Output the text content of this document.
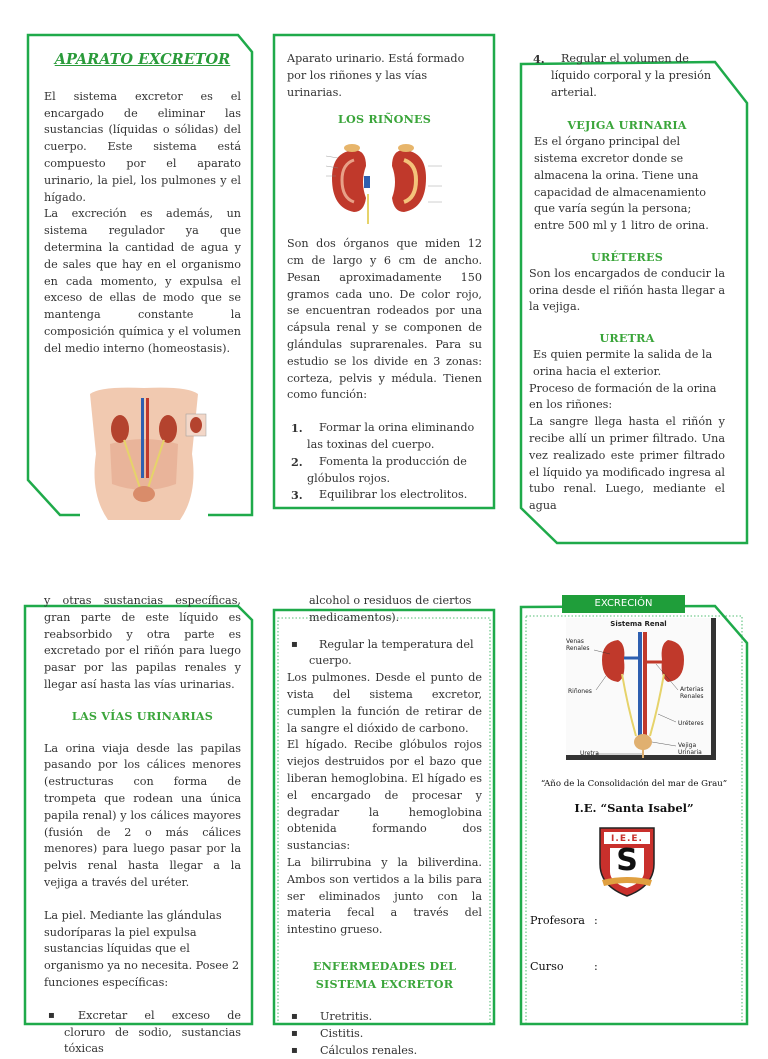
APARATO EXCRETOR

El sistema excretor es el encargado de eliminar las sustancias (líquidas o sólidas) del cuerpo. Este sistema está compuesto por el aparato urinario, la piel, los pulmones y el hígado.

La excreción es además, un sistema regulador ya que determina la cantidad de agua y de sales que hay en el organismo en cada momento, y expulsa el exceso de ellas de modo que se mantenga constante la composición química y el volumen del medio interno (homeostasis).

Aparato urinario. Está formado por los riñones y las vías urinarias.

LOS RIÑONES

Son dos órganos que miden 12 cm de largo y 6 cm de ancho. Pesan aproximadamente 150 gramos cada uno. De color rojo, se encuentran rodeados por una cápsula renal y se componen de glándulas suprarenales. Para su estudio se los divide en 3 zonas: corteza, pelvis y médula. Tienen como función:

1. Formar la orina eliminando las toxinas del cuerpo.
2. Fomenta la producción de glóbulos rojos.
3. Equilibrar los electrolitos.
4. Regular el volumen de líquido corporal y la presión arterial.
VEJIGA URINARIA

Es el órgano principal del sistema excretor donde se almacena la orina. Tiene una capacidad de almacenamiento que varía según la persona; entre 500 ml y 1 litro de orina.

URÉTERES

Son los encargados de conducir la orina desde el riñón hasta llegar a la vejiga.

URETRA

Es quien permite la salida de la orina hacia el exterior.

Proceso de formación de la orina en los riñones:

La sangre llega hasta el riñón y recibe allí un primer filtrado. Una vez realizado este primer filtrado el líquido ya modificado ingresa al tubo renal. Luego, mediante el agua

y otras sustancias específicas, gran parte de este líquido es reabsorbido y otra parte es excretado por el riñón para luego pasar por las papilas renales y llegar así hasta las vías urinarias.

LAS VÍAS URINARIAS

La orina viaja desde las papilas pasando por los cálices menores (estructuras con forma de trompeta que rodean una única papila renal) y los cálices mayores (fusión de 2 o más cálices menores) para luego pasar por la pelvis renal hasta llegar a la vejiga a través del uréter.

La piel. Mediante las glándulas sudoríparas la piel expulsa sustancias líquidas que el organismo ya no necesita. Posee 2 funciones específicas:

▪ Excretar el exceso de cloruro de sodio, sustancias tóxicas

alcohol o residuos de ciertos medicamentos).

▪ Regular la temperatura del cuerpo.

Los pulmones. Desde el punto de vista del sistema excretor, cumplen la función de retirar de la sangre el dióxido de carbono.

El hígado. Recibe glóbulos rojos viejos destruidos por el bazo que liberan hemoglobina. El hígado es el encargado de procesar y degradar la hemoglobina obtenida formando dos sustancias:

La bilirrubina y la biliverdina. Ambos son vertidos a la bilis para ser eliminados junto con la materia fecal a través del intestino grueso.

ENFERMEDADES DEL
SISTEMA EXCRETOR
▪ Uretritis.
▪ Cistitis.
▪ Cálculos renales.
EXCRECIÓN
Sistema Renal
Venas Renales
Riñones	Arterias Renales
Uréteres
Uretra
Vejiga Urinaria
“Año de la Consolidación del mar de Grau”
I.E. “Santa Isabel”
I.E.E.
S
Profesora :
Curso	:
